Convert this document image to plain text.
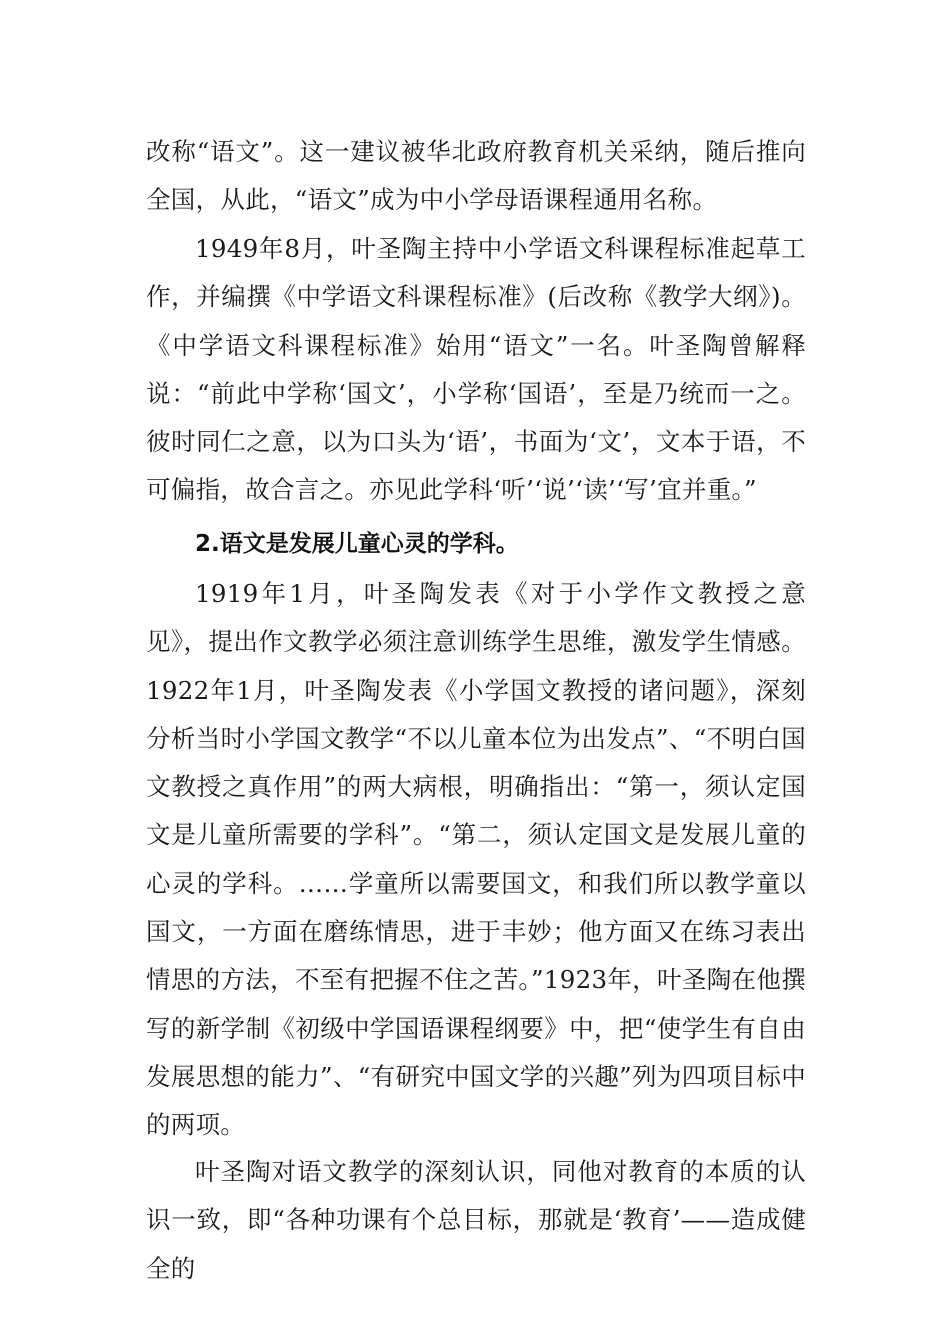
改称“语文”。这一建议被华北政府教育机关采纳，随后推向全国，从此，“语文”成为中小学母语课程通用名称。

1949年8月，叶圣陶主持中小学语文科课程标准起草工作，并编撰《中学语文科课程标准》(后改称《教学大纲》)。《中学语文科课程标准》始用“语文”一名。叶圣陶曾解释说：“前此中学称‘国文’，小学称‘国语’，至是乃统而一之。彼时同仁之意，以为口头为‘语’，书面为‘文’，文本于语，不可偏指，故合言之。亦见此学科‘听’‘说’‘读’‘写’宜并重。”

2.语文是发展儿童心灵的学科。

1919年1月，叶圣陶发表《对于小学作文教授之意见》，提出作文教学必须注意训练学生思维，激发学生情感。1922年1月，叶圣陶发表《小学国文教授的诸问题》，深刻分析当时小学国文教学“不以儿童本位为出发点”、“不明白国文教授之真作用”的两大病根，明确指出：“第一，须认定国文是儿童所需要的学科”。“第二，须认定国文是发展儿童的心灵的学科。……学童所以需要国文，和我们所以教学童以国文，一方面在磨练情思，进于丰妙；他方面又在练习表出情思的方法，不至有把握不住之苦。”1923年，叶圣陶在他撰写的新学制《初级中学国语课程纲要》中，把“使学生有自由发展思想的能力”、“有研究中国文学的兴趣”列为四项目标中的两项。

叶圣陶对语文教学的深刻认识，同他对教育的本质的认识一致，即“各种功课有个总目标，那就是‘教育’——造成健全的
